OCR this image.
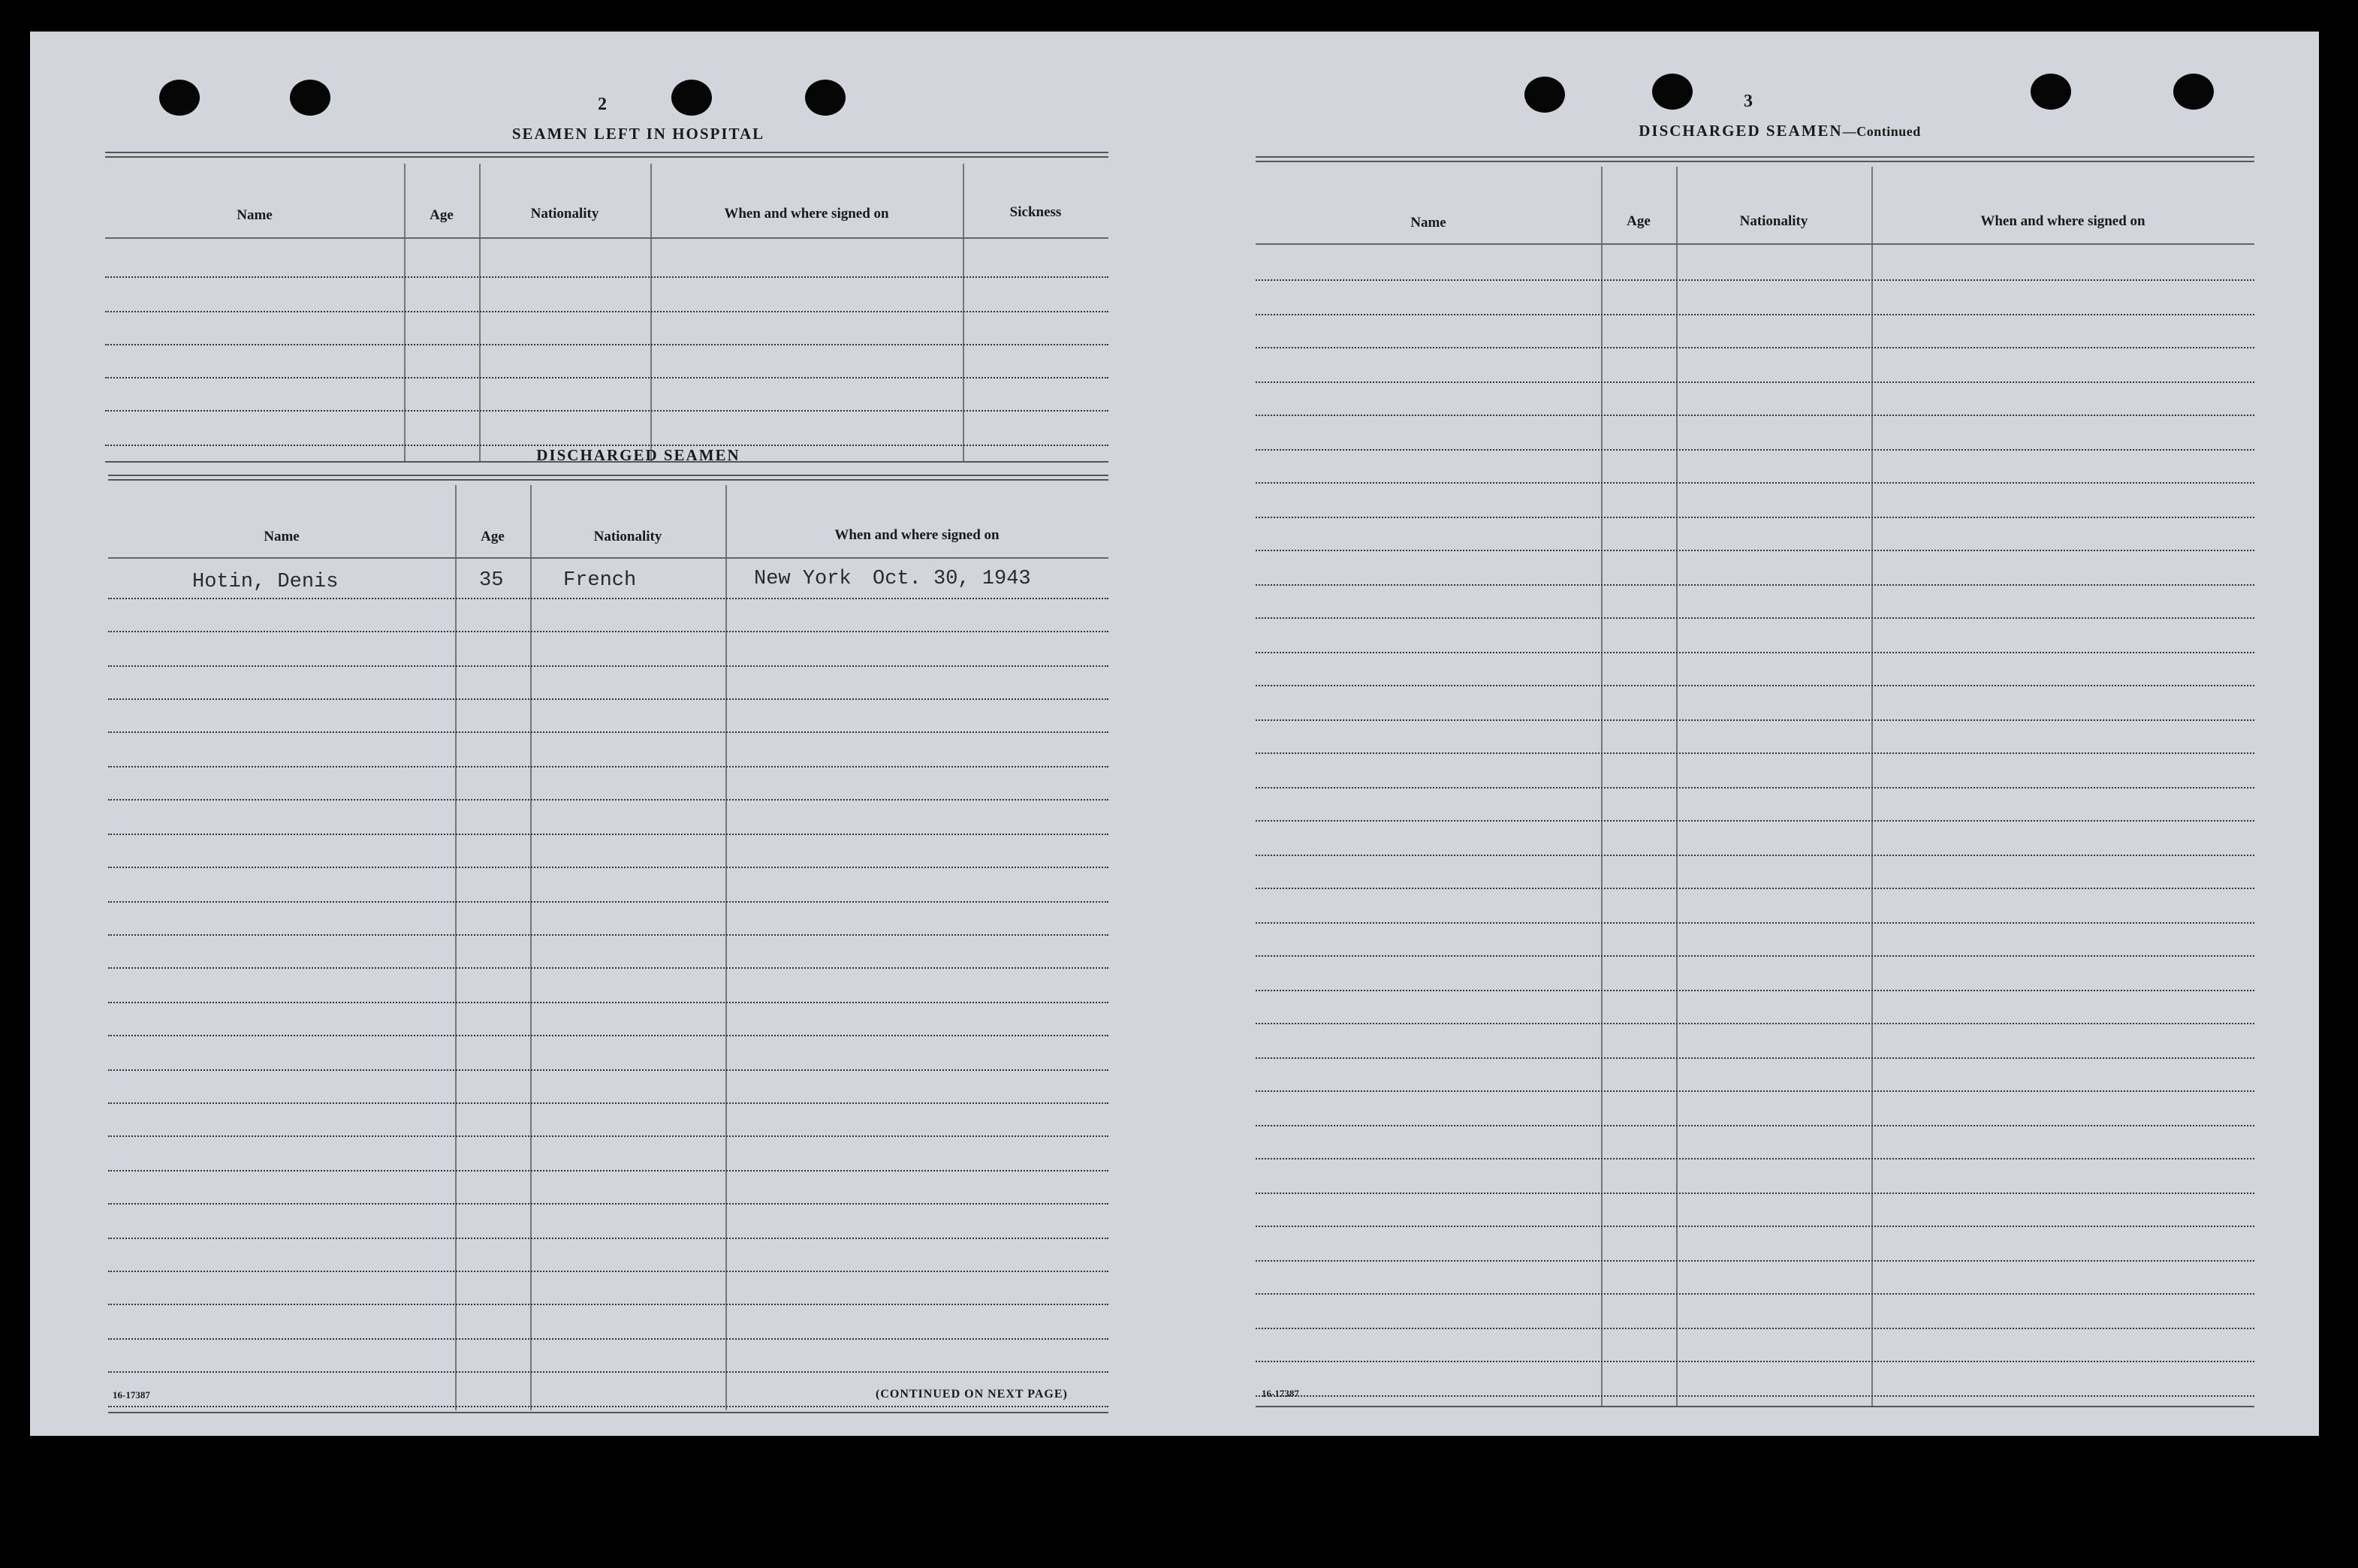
2
SEAMEN LEFT IN HOSPITAL
Name	Age	Nationality	When and where signed on	Sickness
DISCHARGED SEAMEN
Name	Age	Nationality	When and where signed on
Hotin, Denis	35	French	New York Oct. 30, 1943
16-17387	(CONTINUED ON NEXT PAGE)
3
DISCHARGED SEAMEN—Continued
Name	Age	Nationality	When and where signed on
16-17387
